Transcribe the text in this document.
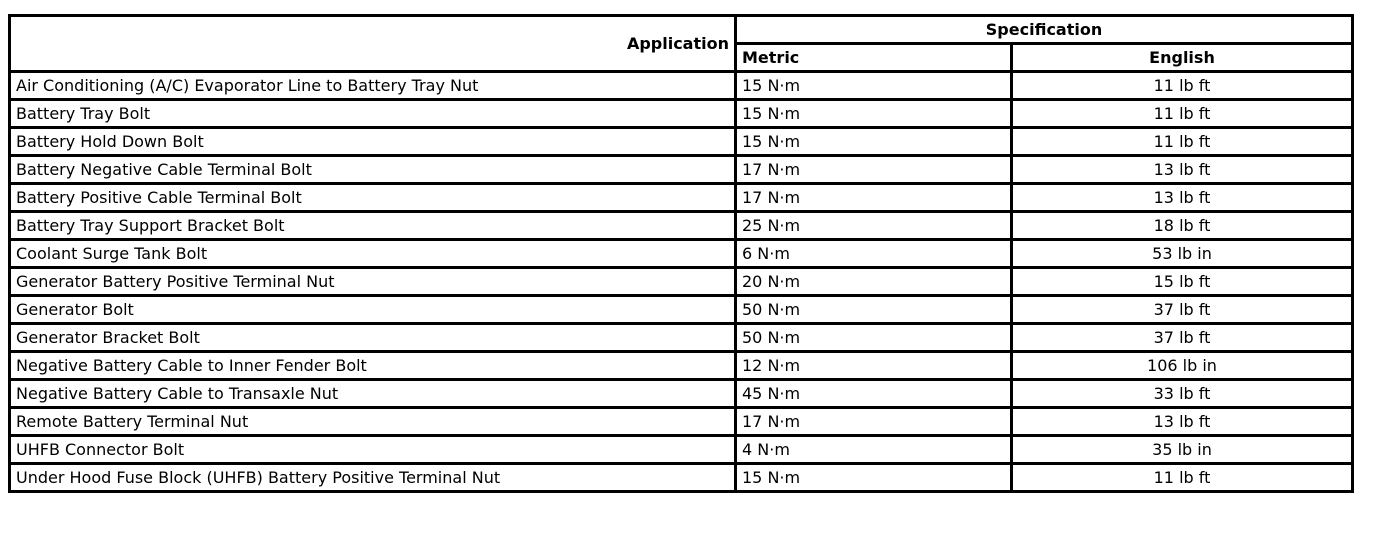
Application	Specification	
	Metric	English
Air Conditioning (A/C) Evaporator Line to Battery Tray Nut	15 N·m	11 lb ft
Battery Tray Bolt	15 N·m	11 lb ft
Battery Hold Down Bolt	15 N·m	11 lb ft
Battery Negative Cable Terminal Bolt	17 N·m	13 lb ft
Battery Positive Cable Terminal Bolt	17 N·m	13 lb ft
Battery Tray Support Bracket Bolt	25 N·m	18 lb ft
Coolant Surge Tank Bolt	6 N·m	53 lb in
Generator Battery Positive Terminal Nut	20 N·m	15 lb ft
Generator Bolt	50 N·m	37 lb ft
Generator Bracket Bolt	50 N·m	37 lb ft
Negative Battery Cable to Inner Fender Bolt	12 N·m	106 lb in
Negative Battery Cable to Transaxle Nut	45 N·m	33 lb ft
Remote Battery Terminal Nut	17 N·m	13 lb ft
UHFB Connector Bolt	4 N·m	35 lb in
Under Hood Fuse Block (UHFB) Battery Positive Terminal Nut	15 N·m	11 lb ft
